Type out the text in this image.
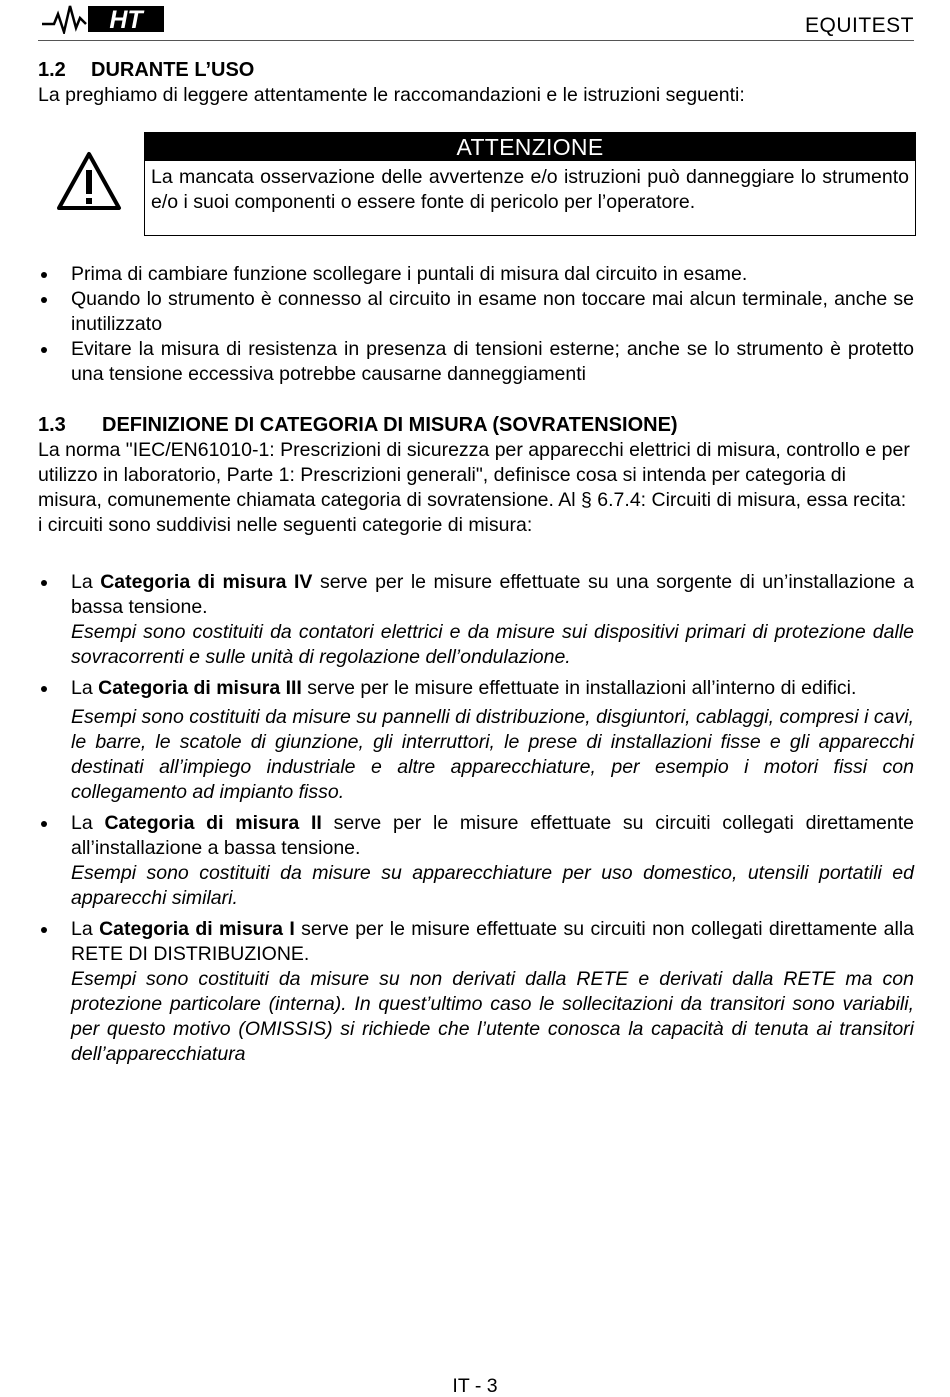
HT	EQUITEST
1.2 DURANTE L’USO
La preghiamo di leggere attentamente le raccomandazioni e le istruzioni seguenti:
ATTENZIONE
La mancata osservazione delle avvertenze e/o istruzioni può danneggiare lo strumento e/o i suoi componenti o essere fonte di pericolo per l’operatore.
Prima di cambiare funzione scollegare i puntali di misura dal circuito in esame.
Quando lo strumento è connesso al circuito in esame non toccare mai alcun terminale, anche se inutilizzato
Evitare la misura di resistenza in presenza di tensioni esterne; anche se lo strumento è protetto una tensione eccessiva potrebbe causarne danneggiamenti
1.3 DEFINIZIONE DI CATEGORIA DI MISURA (SOVRATENSIONE)
La norma "IEC/EN61010-1: Prescrizioni di sicurezza per apparecchi elettrici di misura, controllo e per utilizzo in laboratorio, Parte 1: Prescrizioni generali", definisce cosa si intenda per categoria di misura, comunemente chiamata categoria di sovratensione. Al § 6.7.4: Circuiti di misura, essa recita: i circuiti sono suddivisi nelle seguenti categorie di misura:
La Categoria di misura IV serve per le misure effettuate su una sorgente di un’installazione a bassa tensione.
Esempi sono costituiti da contatori elettrici e da misure sui dispositivi primari di protezione dalle sovracorrenti e sulle unità di regolazione dell’ondulazione.
La Categoria di misura III serve per le misure effettuate in installazioni all’interno di edifici.
Esempi sono costituiti da misure su pannelli di distribuzione, disgiuntori, cablaggi, compresi i cavi, le barre, le scatole di giunzione, gli interruttori, le prese di installazioni fisse e gli apparecchi destinati all’impiego industriale e altre apparecchiature, per esempio i motori fissi con collegamento ad impianto fisso.
La Categoria di misura II serve per le misure effettuate su circuiti collegati direttamente all’installazione a bassa tensione.
Esempi sono costituiti da misure su apparecchiature per uso domestico, utensili portatili ed apparecchi similari.
La Categoria di misura I serve per le misure effettuate su circuiti non collegati direttamente alla RETE DI DISTRIBUZIONE.
Esempi sono costituiti da misure su non derivati dalla RETE e derivati dalla RETE ma con protezione particolare (interna). In quest’ultimo caso le sollecitazioni da transitori sono variabili, per questo motivo (OMISSIS) si richiede che l’utente conosca la capacità di tenuta ai transitori dell’apparecchiatura
IT - 3
